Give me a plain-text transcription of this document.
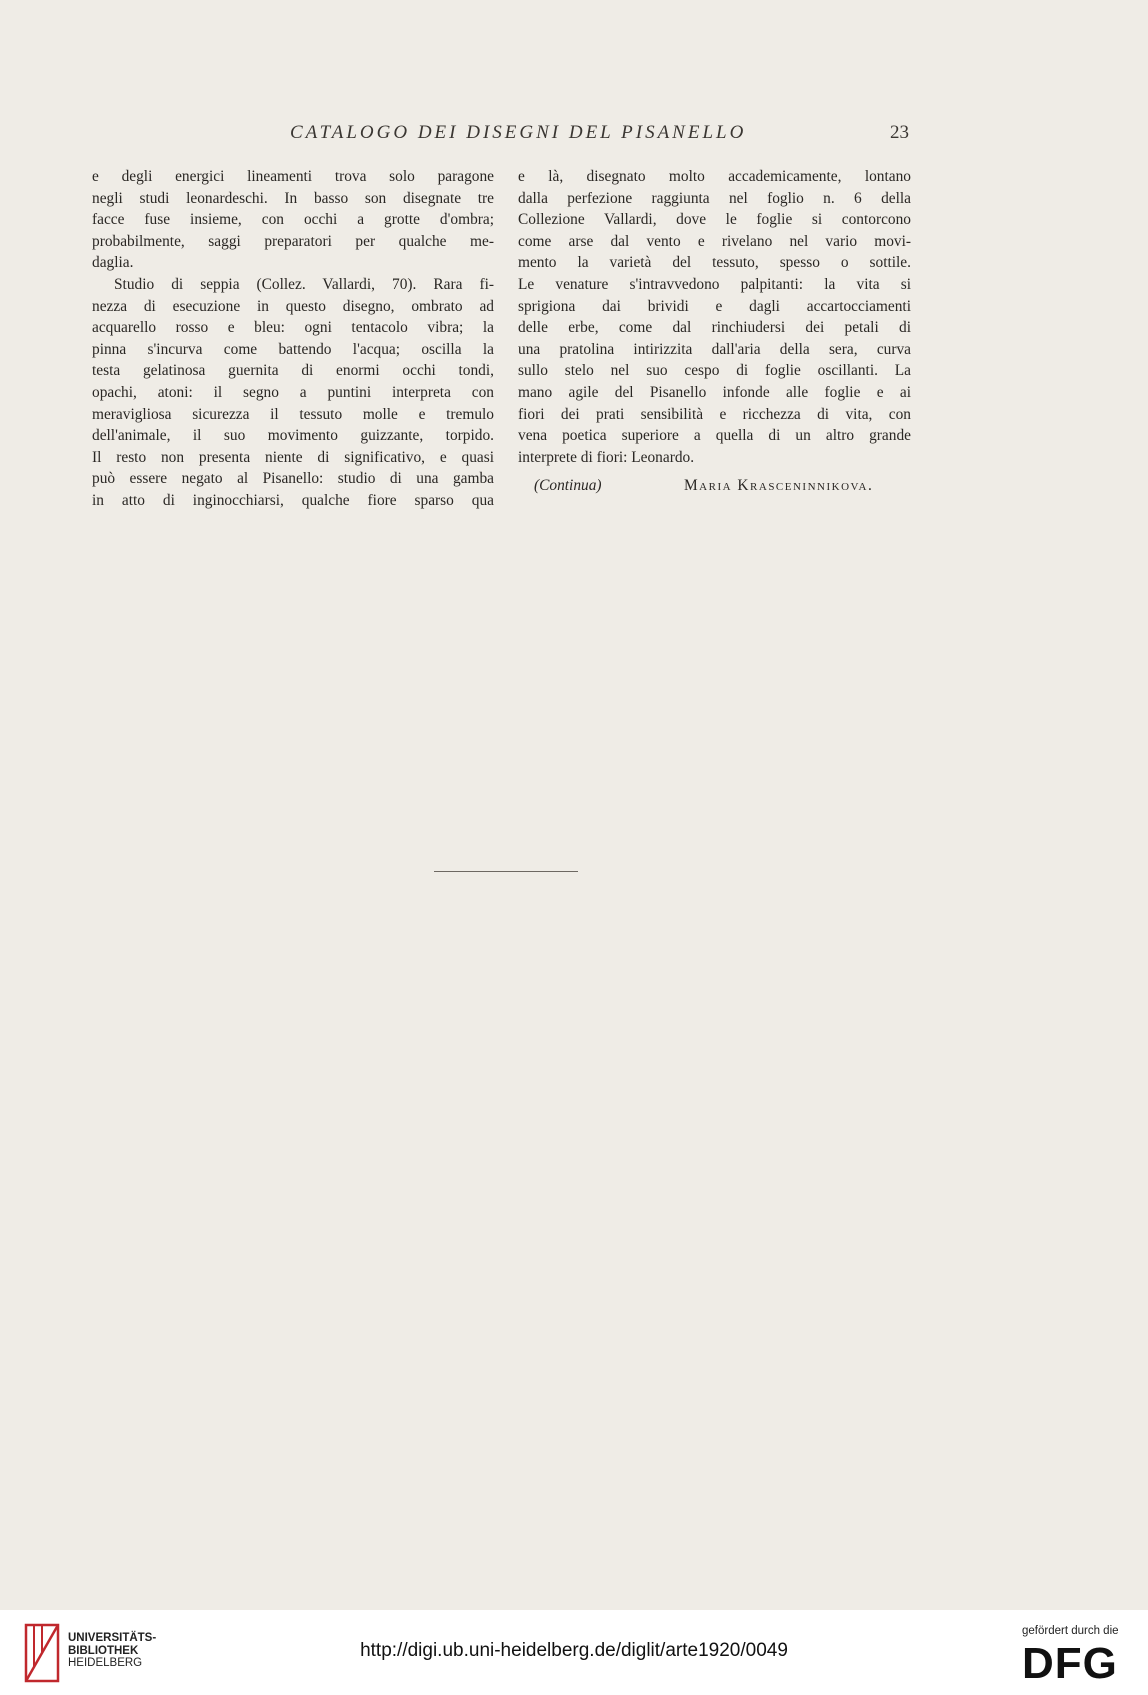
CATALOGO DEI DISEGNI DEL PISANELLO	23
e degli energici lineamenti trova solo paragone
negli studi leonardeschi. In basso son disegnate tre
facce fuse insieme, con occhi a grotte d'ombra;
probabilmente, saggi preparatori per qualche me-
daglia.
Studio di seppia (Collez. Vallardi, 70). Rara fi-
nezza di esecuzione in questo disegno, ombrato ad
acquarello rosso e bleu: ogni tentacolo vibra; la
pinna s'incurva come battendo l'acqua; oscilla la
testa gelatinosa guernita di enormi occhi tondi,
opachi, atoni: il segno a puntini interpreta con
meravigliosa sicurezza il tessuto molle e tremulo
dell'animale, il suo movimento guizzante, torpido.
Il resto non presenta niente di significativo, e quasi
può essere negato al Pisanello: studio di una gamba
in atto di inginocchiarsi, qualche fiore sparso qua
e là, disegnato molto accademicamente, lontano
dalla perfezione raggiunta nel foglio n. 6 della
Collezione Vallardi, dove le foglie si contorcono
come arse dal vento e rivelano nel vario movi-
mento la varietà del tessuto, spesso o sottile.
Le venature s'intravvedono palpitanti: la vita si
sprigiona dai brividi e dagli accartocciamenti
delle erbe, come dal rinchiudersi dei petali di
una pratolina intirizzita dall'aria della sera, curva
sullo stelo nel suo cespo di foglie oscillanti. La
mano agile del Pisanello infonde alle foglie e ai
fiori dei prati sensibilità e ricchezza di vita, con
vena poetica superiore a quella di un altro grande
interprete di fiori: Leonardo.
(Continua)	Maria Krasceninnikova.
UNIVERSITÄTS-
BIBLIOTHEK
HEIDELBERG
http://digi.ub.uni-heidelberg.de/diglit/arte1920/0049
gefördert durch die
DFG
